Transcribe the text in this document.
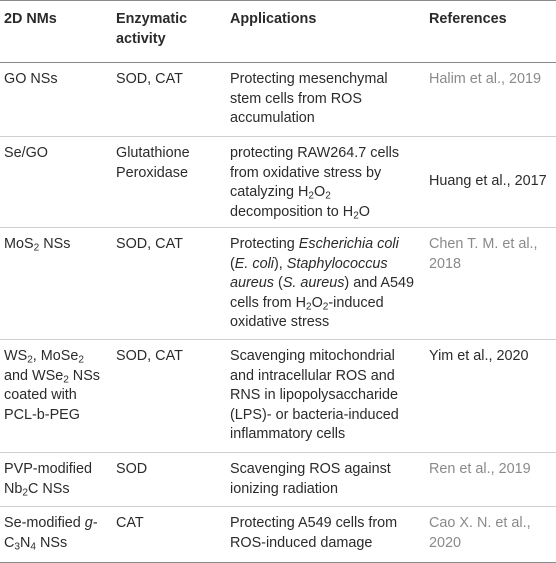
2D NMs	Enzymatic activity	Applications	References
GO NSs	SOD, CAT	Protecting mesenchymal stem cells from ROS accumulation	Halim et al., 2019
Se/GO	Glutathione Peroxidase	protecting RAW264.7 cells from oxidative stress by catalyzing $H_2O_2$ decomposition to $H_2O$	Huang et al., 2017
MoS$_2$ NSs	SOD, CAT	Protecting Escherichia coli (E. coli), Staphylococcus aureus (S. aureus) and A549 cells from $H_2O_2$-induced oxidative stress	Chen T. M. et al., 2018
$WS_2$, MoSe$_2$ and WSe$_2$ NSs coated with PCL-b-PEG	SOD, CAT	Scavenging mitochondrial and intracellular ROS and RNS in lipopolysaccharide (LPS)- or bacteria-induced inflammatory cells	Yim et al., 2020
PVP-modified $Nb_2C$ NSs	SOD	Scavenging ROS against ionizing radiation	Ren et al., 2019
Se-modified $g-C_3N_4$ NSs	CAT	Protecting A549 cells from ROS-induced damage	Cao X. N. et al., 2020
